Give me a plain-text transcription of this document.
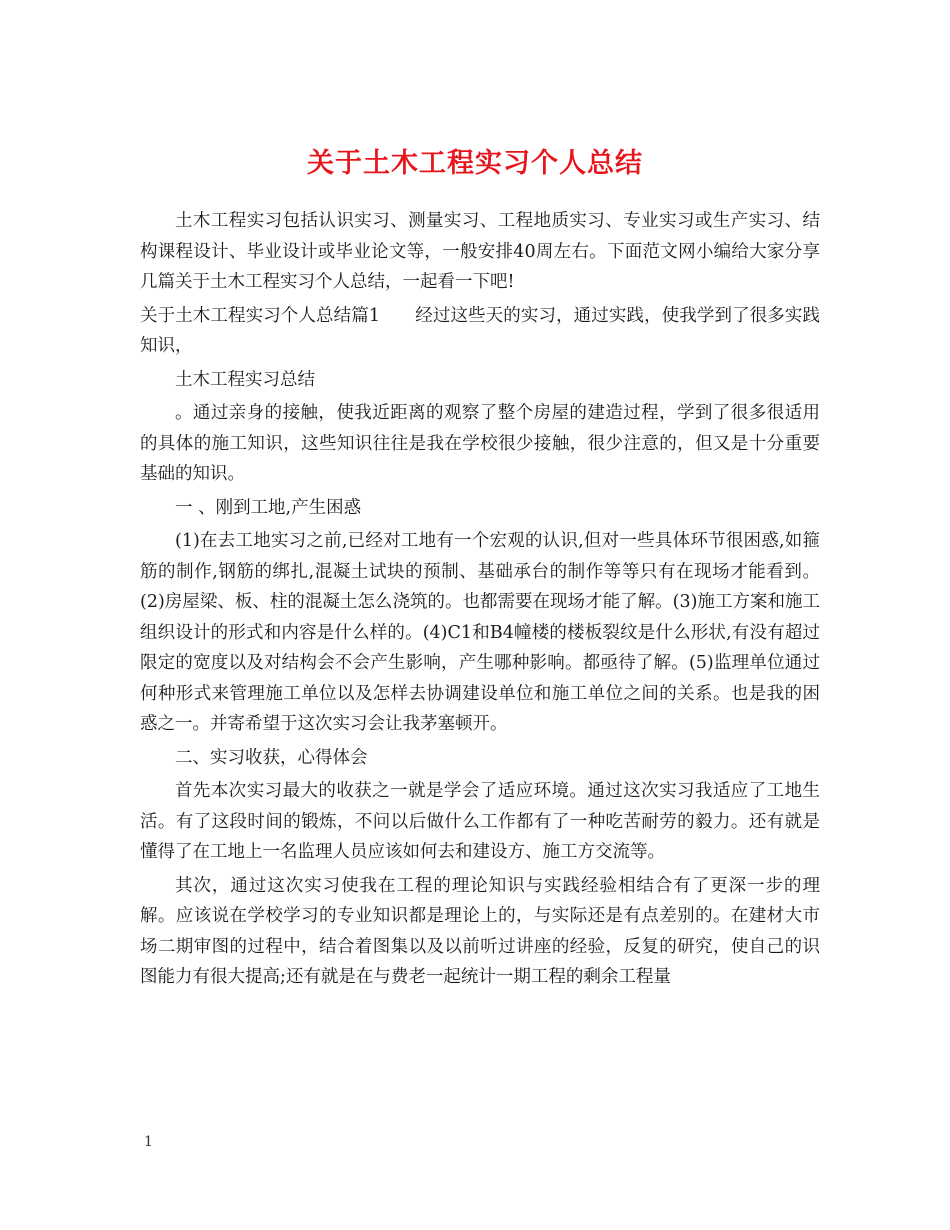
关于土木工程实习个人总结

土木工程实习包括认识实习、测量实习、工程地质实习、专业实习或生产实习、结构课程设计、毕业设计或毕业论文等，一般安排40周左右。下面范文网小编给大家分享几篇关于土木工程实习个人总结，一起看一下吧!

关于土木工程实习个人总结篇1　　经过这些天的实习，通过实践，使我学到了很多实践知识，

土木工程实习总结

。通过亲身的接触，使我近距离的观察了整个房屋的建造过程，学到了很多很适用的具体的施工知识，这些知识往往是我在学校很少接触，很少注意的，但又是十分重要基础的知识。

一 、刚到工地,产生困惑

(1)在去工地实习之前,已经对工地有一个宏观的认识,但对一些具体环节很困惑,如箍筋的制作,钢筋的绑扎,混凝土试块的预制、基础承台的制作等等只有在现场才能看到。(2)房屋梁、板、柱的混凝土怎么浇筑的。也都需要在现场才能了解。(3)施工方案和施工组织设计的形式和内容是什么样的。(4)C1和B4幢楼的楼板裂纹是什么形状,有没有超过限定的宽度以及对结构会不会产生影响，产生哪种影响。都亟待了解。(5)监理单位通过何种形式来管理施工单位以及怎样去协调建设单位和施工单位之间的关系。也是我的困惑之一。并寄希望于这次实习会让我茅塞顿开。

二、实习收获，心得体会

首先本次实习最大的收获之一就是学会了适应环境。通过这次实习我适应了工地生活。有了这段时间的锻炼，不问以后做什么工作都有了一种吃苦耐劳的毅力。还有就是懂得了在工地上一名监理人员应该如何去和建设方、施工方交流等。

其次，通过这次实习使我在工程的理论知识与实践经验相结合有了更深一步的理解。应该说在学校学习的专业知识都是理论上的，与实际还是有点差别的。在建材大市场二期审图的过程中，结合着图集以及以前听过讲座的经验，反复的研究，使自己的识图能力有很大提高;还有就是在与费老一起统计一期工程的剩余工程量

1
